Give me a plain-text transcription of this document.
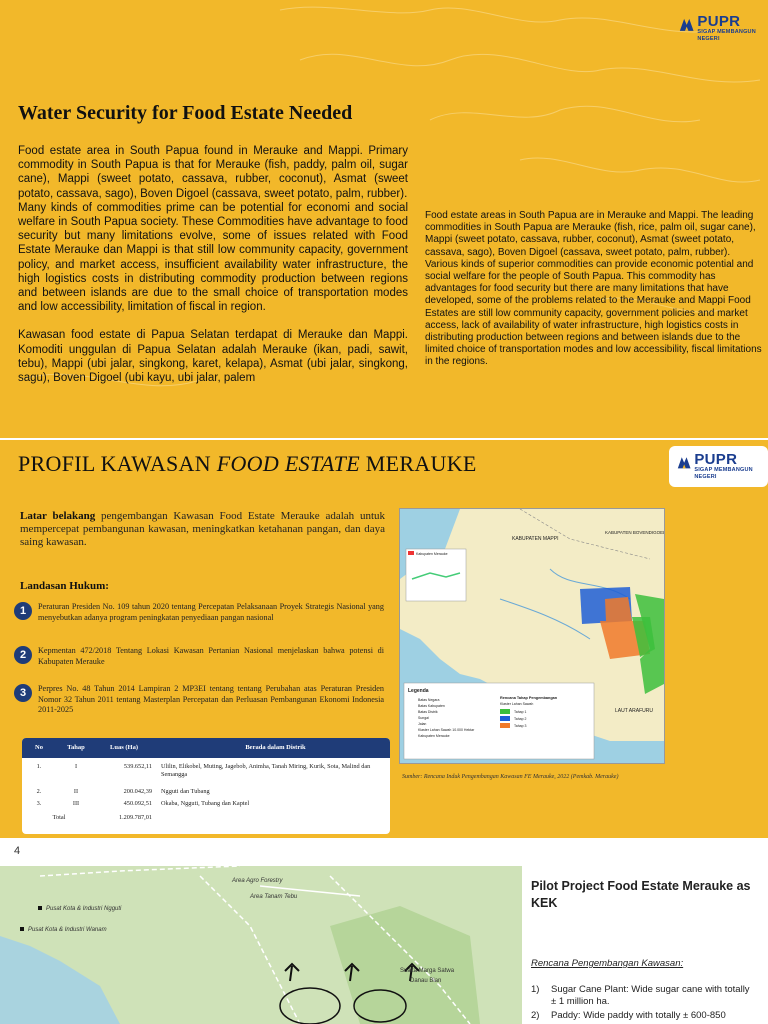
PUPR
SIGAP MEMBANGUN NEGERI
Water Security for Food Estate Needed

Food estate area in South Papua found in Merauke and Mappi. Primary commodity in South Papua is that for Merauke (fish, paddy, palm oil, sugar cane), Mappi (sweet potato, cassava, rubber, coconut), Asmat (sweet potato, cassava, sago), Boven Digoel (cassava, sweet potato, palm, rubber).

Many kinds of commodities prime can be potential for economi and social welfare in South Papua society. These Commodities have advantage to food security but many limitations evolve, some of issues related with Food Estate Merauke dan Mappi is that still low community capacity, government policy, and market access, insufficient availability water infrastructure, the high logistics costs in distributing commodity production between regions and between islands are due to the small choice of transportation modes and low accessibility, limitation of fiscal in region.

Kawasan food estate di Papua Selatan terdapat di Merauke dan Mappi. Komoditi unggulan di Papua Selatan adalah Merauke (ikan, padi, sawit, tebu), Mappi (ubi jalar, singkong, karet, kelapa), Asmat (ubi jalar, singkong, sagu), Boven Digoel (ubi kayu, ubi jalar, palem

Food estate areas in South Papua are in Merauke and Mappi. The leading commodities in South Papua are Merauke (fish, rice, palm oil, sugar cane), Mappi (sweet potato, cassava, rubber, coconut), Asmat (sweet potato, cassava, sago), Boven Digoel (cassava, sweet potato, palm, rubber).

Various kinds of superior commodities can provide economic potential and social welfare for the people of South Papua. This commodity has advantages for food security but there are many limitations that have developed, some of the problems related to the Merauke and Mappi Food Estates are still low community capacity, government policies and market access, lack of availability of water infrastructure, high logistics costs in distributing production between regions and between islands due to the limited choice of transportation modes and low accessibility, fiscal limitations in the regions.

PUPR
SIGAP MEMBANGUN NEGERI
PROFIL KAWASAN FOOD ESTATE MERAUKE

Latar belakang pengembangan Kawasan Food Estate Merauke adalah untuk mempercepat pembangunan kawasan, meningkatkan ketahanan pangan, dan daya saing kawasan.

Landasan Hukum:
1	Peraturan Presiden No. 109 tahun 2020 tentang Percepatan Pelaksanaan Proyek Strategis Nasional yang menyebutkan adanya program peningkatan penyediaan pangan nasional
2	Kepmentan 472/2018 Tentang Lokasi Kawasan Pertanian Nasional menjelaskan bahwa potensi di Kabupaten Merauke
3	Perpres No. 48 Tahun 2014 Lampiran 2 MP3EI tentang tentang Perubahan atas Peraturan Presiden Nomor 32 Tahun 2011 tentang Masterplan Percepatan dan Perluasan Pembangunan Ekonomi Indonesia 2011-2025
No	Tahap	Luas (Ha)	Berada dalam Distrik
1.	I	539.652,11	Ulilin, Elikobel, Muting, Jagebob, Animha, Tanah Miring, Kurik, Sota, Malind dan Semangga
2.	II	200.042,39	Ngguti dan Tubang
3.	III	450.092,51	Okaba, Ngguti, Tubang dan Kaptel
Total	1.209.787,01
KABUPATEN MAPPI
KABUPATEN BOVENDIGOEL
LAUT ARAFURU
Kabupaten Merauke
Legenda
Batas Negara
Batas Kabupaten
Batas Distrik
Sungai
Jalan
Klaster Lahan Sawah 10.000 Hektar
Kabupaten Merauke
Rencana Tahap Pengembangan
Klaster Lahan Sawah
Tahap 1
Tahap 2
Tahap 3
Sumber: Rencana Induk Pengembangan Kawasan FE Merauke, 2022 (Pemkab. Merauke)
4
Area Agro Forestry
Area Tanam Tebu
Pusat Kota & Industri Ngguti
Pusat Kota & Industri Wanam
Suaka Marga Satwa
Danau Bian
Pilot Project Food Estate Merauke as KEK
Rencana Pengembangan Kawasan:
1)	Sugar Cane Plant: Wide sugar cane with totally ± 1 million ha.
2)	Paddy: Wide paddy with totally ± 600-850
